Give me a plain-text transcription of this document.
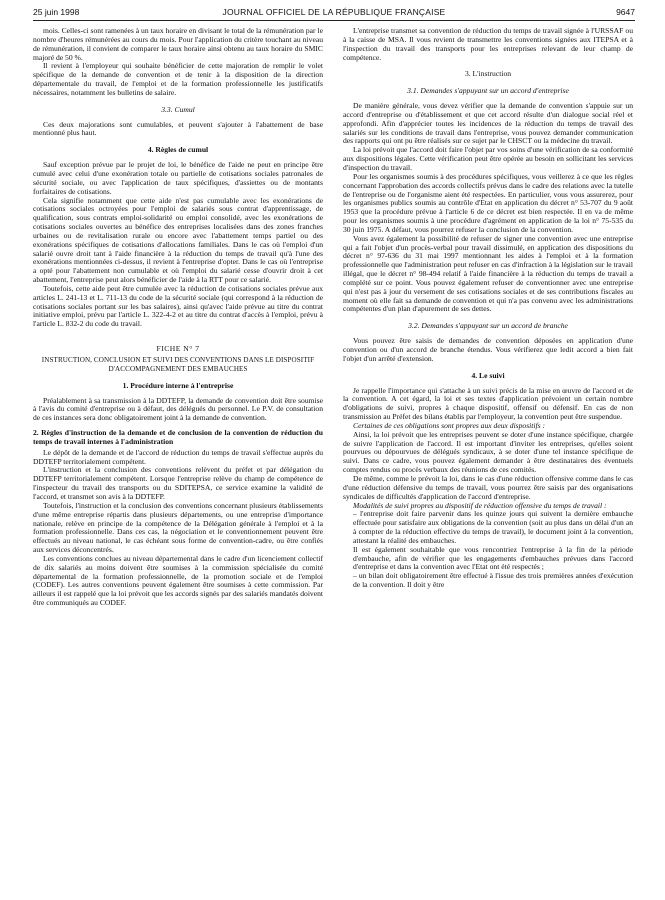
25 juin 1998	JOURNAL OFFICIEL DE LA RÉPUBLIQUE FRANÇAISE	9647

mois. Celles-ci sont ramenées à un taux horaire en divisant le total de la rémunération par le nombre d'heures rémunérées au cours du mois. Pour l'application du critère touchant au niveau de rémunération, il convient de comparer le taux horaire ainsi obtenu au taux horaire du SMIC majoré de 50 %.

Il revient à l'employeur qui souhaite bénéficier de cette majoration de remplir le volet spécifique de la demande de convention et de tenir à la disposition de la direction départementale du travail, de l'emploi et de la formation professionnelle les justificatifs nécessaires, notamment les bulletins de salaire.

3.3. Cumul

Ces deux majorations sont cumulables, et peuvent s'ajouter à l'abattement de base mentionné plus haut.

4. Règles de cumul

Sauf exception prévue par le projet de loi, le bénéfice de l'aide ne peut en principe être cumulé avec celui d'une exonération totale ou partielle de cotisations sociales patronales de sécurité sociale, ou avec l'application de taux spécifiques, d'assiettes ou de montants forfaitaires de cotisations.

Cela signifie notamment que cette aide n'est pas cumulable avec les exonérations de cotisations sociales octroyées pour l'emploi de salariés sous contrat d'apprentissage, de qualification, sous contrats emploi-solidarité ou emploi consolidé, avec les exonérations de cotisations sociales ouvertes au bénéfice des entreprises localisées dans des zones franches urbaines ou de revitalisation rurale ou encore avec l'abattement temps partiel ou des exonérations spécifiques de cotisations d'allocations familiales. Dans le cas où l'emploi d'un salarié ouvre droit tant à l'aide financière à la réduction du temps de travail qu'à l'une des exonérations mentionnées ci-dessus, il revient à l'entreprise d'opter. Dans le cas où l'entreprise a opté pour l'abattement non cumulable et où l'emploi du salarié cesse d'ouvrir droit à cet abattement, l'entreprise peut alors bénéficier de l'aide à la RTT pour ce salarié.

Toutefois, cette aide peut être cumulée avec la réduction de cotisations sociales prévue aux articles L. 241-13 et L. 711-13 du code de la sécurité sociale (qui correspond à la réduction de cotisations sociales portant sur les bas salaires), ainsi qu'avec l'aide prévue au titre du contrat initiative emploi, prévu par l'article L. 322-4-2 et au titre du contrat d'accès à l'emploi, prévu à l'article L. 832-2 du code du travail.

FICHE N° 7

INSTRUCTION, CONCLUSION ET SUIVI DES CONVENTIONS DANS LE DISPOSITIF D'ACCOMPAGNEMENT DES EMBAUCHES

1. Procédure interne à l'entreprise

Préalablement à sa transmission à la DDTEFP, la demande de convention doit être soumise à l'avis du comité d'entreprise ou à défaut, des délégués du personnel. Le P.V. de consultation de ces instances sera donc obligatoirement joint à la demande de convention.

2. Règles d'instruction de la demande et de conclusion de la convention de réduction du temps de travail internes à l'administration

Le dépôt de la demande et de l'accord de réduction du temps de travail s'effectue auprès du DDTEFP territorialement compétent.

L'instruction et la conclusion des conventions relèvent du préfet et par délégation du DDTEFP territorialement compétent. Lorsque l'entreprise relève du champ de compétence de l'inspecteur du travail des transports ou du SDITEPSA, ce service examine la validité de l'accord, et transmet son avis à la DDTEFP.

Toutefois, l'instruction et la conclusion des conventions concernant plusieurs établissements d'une même entreprise répartis dans plusieurs départements, ou une entreprise d'importance nationale, relève en principe de la compétence de la Délégation générale à l'emploi et à la formation professionnelle. Dans ces cas, la négociation et le conventionnement peuvent être effectués au niveau national, le cas échéant sous forme de convention-cadre, ou être confiés aux services déconcentrés.

Les conventions conclues au niveau départemental dans le cadre d'un licenciement collectif de dix salariés au moins doivent être soumises à la commission spécialisée du comité départemental de la formation professionnelle, de la promotion sociale et de l'emploi (CODEF). Les autres conventions peuvent également être soumises à cette commission. Par ailleurs il est rappelé que la loi prévoit que les accords signés par des salariés mandatés doivent être communiqués au CODEF.

L'entreprise transmet sa convention de réduction du temps de travail signée à l'URSSAF ou à la caisse de MSA. Il vous revient de transmettre les conventions signées aux ITEPSA et à l'inspection du travail des transports pour les entreprises relevant de leur champ de compétence.

3. L'instruction

3.1. Demandes s'appuyant sur un accord d'entreprise

De manière générale, vous devez vérifier que la demande de convention s'appuie sur un accord d'entreprise ou d'établissement et que cet accord résulte d'un dialogue social réel et approfondi. Afin d'apprécier toutes les incidences de la réduction du temps de travail des salariés sur les conditions de travail dans l'entreprise, vous pouvez demander communication des rapports qui ont pu être réalisés sur ce sujet par le CHSCT ou la médecine du travail.

La loi prévoit que l'accord doit faire l'objet par vos soins d'une vérification de sa conformité aux dispositions légales. Cette vérification peut être opérée au besoin en sollicitant les services d'inspection du travail.

Pour les organismes soumis à des procédures spécifiques, vous veillerez à ce que les règles concernant l'approbation des accords collectifs prévus dans le cadre des relations avec la tutelle de l'entreprise ou de l'organisme aient été respectées. En particulier, vous vous assurerez, pour les organismes publics soumis au contrôle d'Etat en application du décret n° 53-707 du 9 août 1953 que la procédure prévue à l'article 6 de ce décret est bien respectée. Il en va de même pour les organismes soumis à une procédure d'agrément en application de la loi n° 75-535 du 30 juin 1975. A défaut, vous pourrez refuser la conclusion de la convention.

Vous avez également la possibilité de refuser de signer une convention avec une entreprise qui a fait l'objet d'un procès-verbal pour travail dissimulé, en application des dispositions du décret n° 97-636 du 31 mai 1997 mentionnant les aides à l'emploi et à la formation professionnelle que l'administration peut refuser en cas d'infraction à la législation sur le travail illégal, que le décret n° 98-494 relatif à l'aide financière à la réduction du temps de travail a complété sur ce point. Vous pouvez également refuser de conventionner avec une entreprise qui n'est pas à jour du versement de ses cotisations sociales et de ses contributions fiscales au moment où elle fait sa demande de convention et qui n'a pas convenu avec les administrations compétentes d'un plan d'apurement de ses dettes.

3.2. Demandes s'appuyant sur un accord de branche

Vous pouvez être saisis de demandes de convention déposées en application d'une convention ou d'un accord de branche étendus. Vous vérifierez que ledit accord a bien fait l'objet d'un arrêté d'extension.

4. Le suivi

Je rappelle l'importance qui s'attache à un suivi précis de la mise en œuvre de l'accord et de la convention. A cet égard, la loi et ses textes d'application prévoient un certain nombre d'obligations de suivi, propres à chaque dispositif, offensif ou défensif. En cas de non transmission au Préfet des bilans établis par l'employeur, la convention peut être suspendue.

Certaines de ces obligations sont propres aux deux dispositifs :

Ainsi, la loi prévoit que les entreprises peuvent se doter d'une instance spécifique, chargée de suivre l'application de l'accord. Il est important d'inviter les entreprises, qu'elles soient pourvues ou dépourvues de délégués syndicaux, à se doter d'une tel instance spécifique de suivi. Dans ce cadre, vous pouvez également demander à être destinataires des éventuels comptes rendus ou procès verbaux des réunions de ces comités.

De même, comme le prévoit la loi, dans le cas d'une réduction offensive comme dans le cas d'une réduction défensive du temps de travail, vous pourrez être saisis par des organisations syndicales de difficultés d'application de l'accord d'entreprise.

Modalités de suivi propres au dispositif de réduction offensive du temps de travail :

– l'entreprise doit faire parvenir dans les quinze jours qui suivent la dernière embauche effectuée pour satisfaire aux obligations de la convention (soit au plus dans un délai d'un an à compter de la réduction effective du temps de travail), le document joint à la convention, attestant la réalité des embauches.

Il est également souhaitable que vous rencontriez l'entreprise à la fin de la période d'embauche, afin de vérifier que les engagements d'embauches prévues dans l'accord d'entreprise et dans la convention avec l'Etat ont été respectés ;

– un bilan doit obligatoirement être effectué à l'issue des trois premières années d'exécution de la convention. Il doit y être
